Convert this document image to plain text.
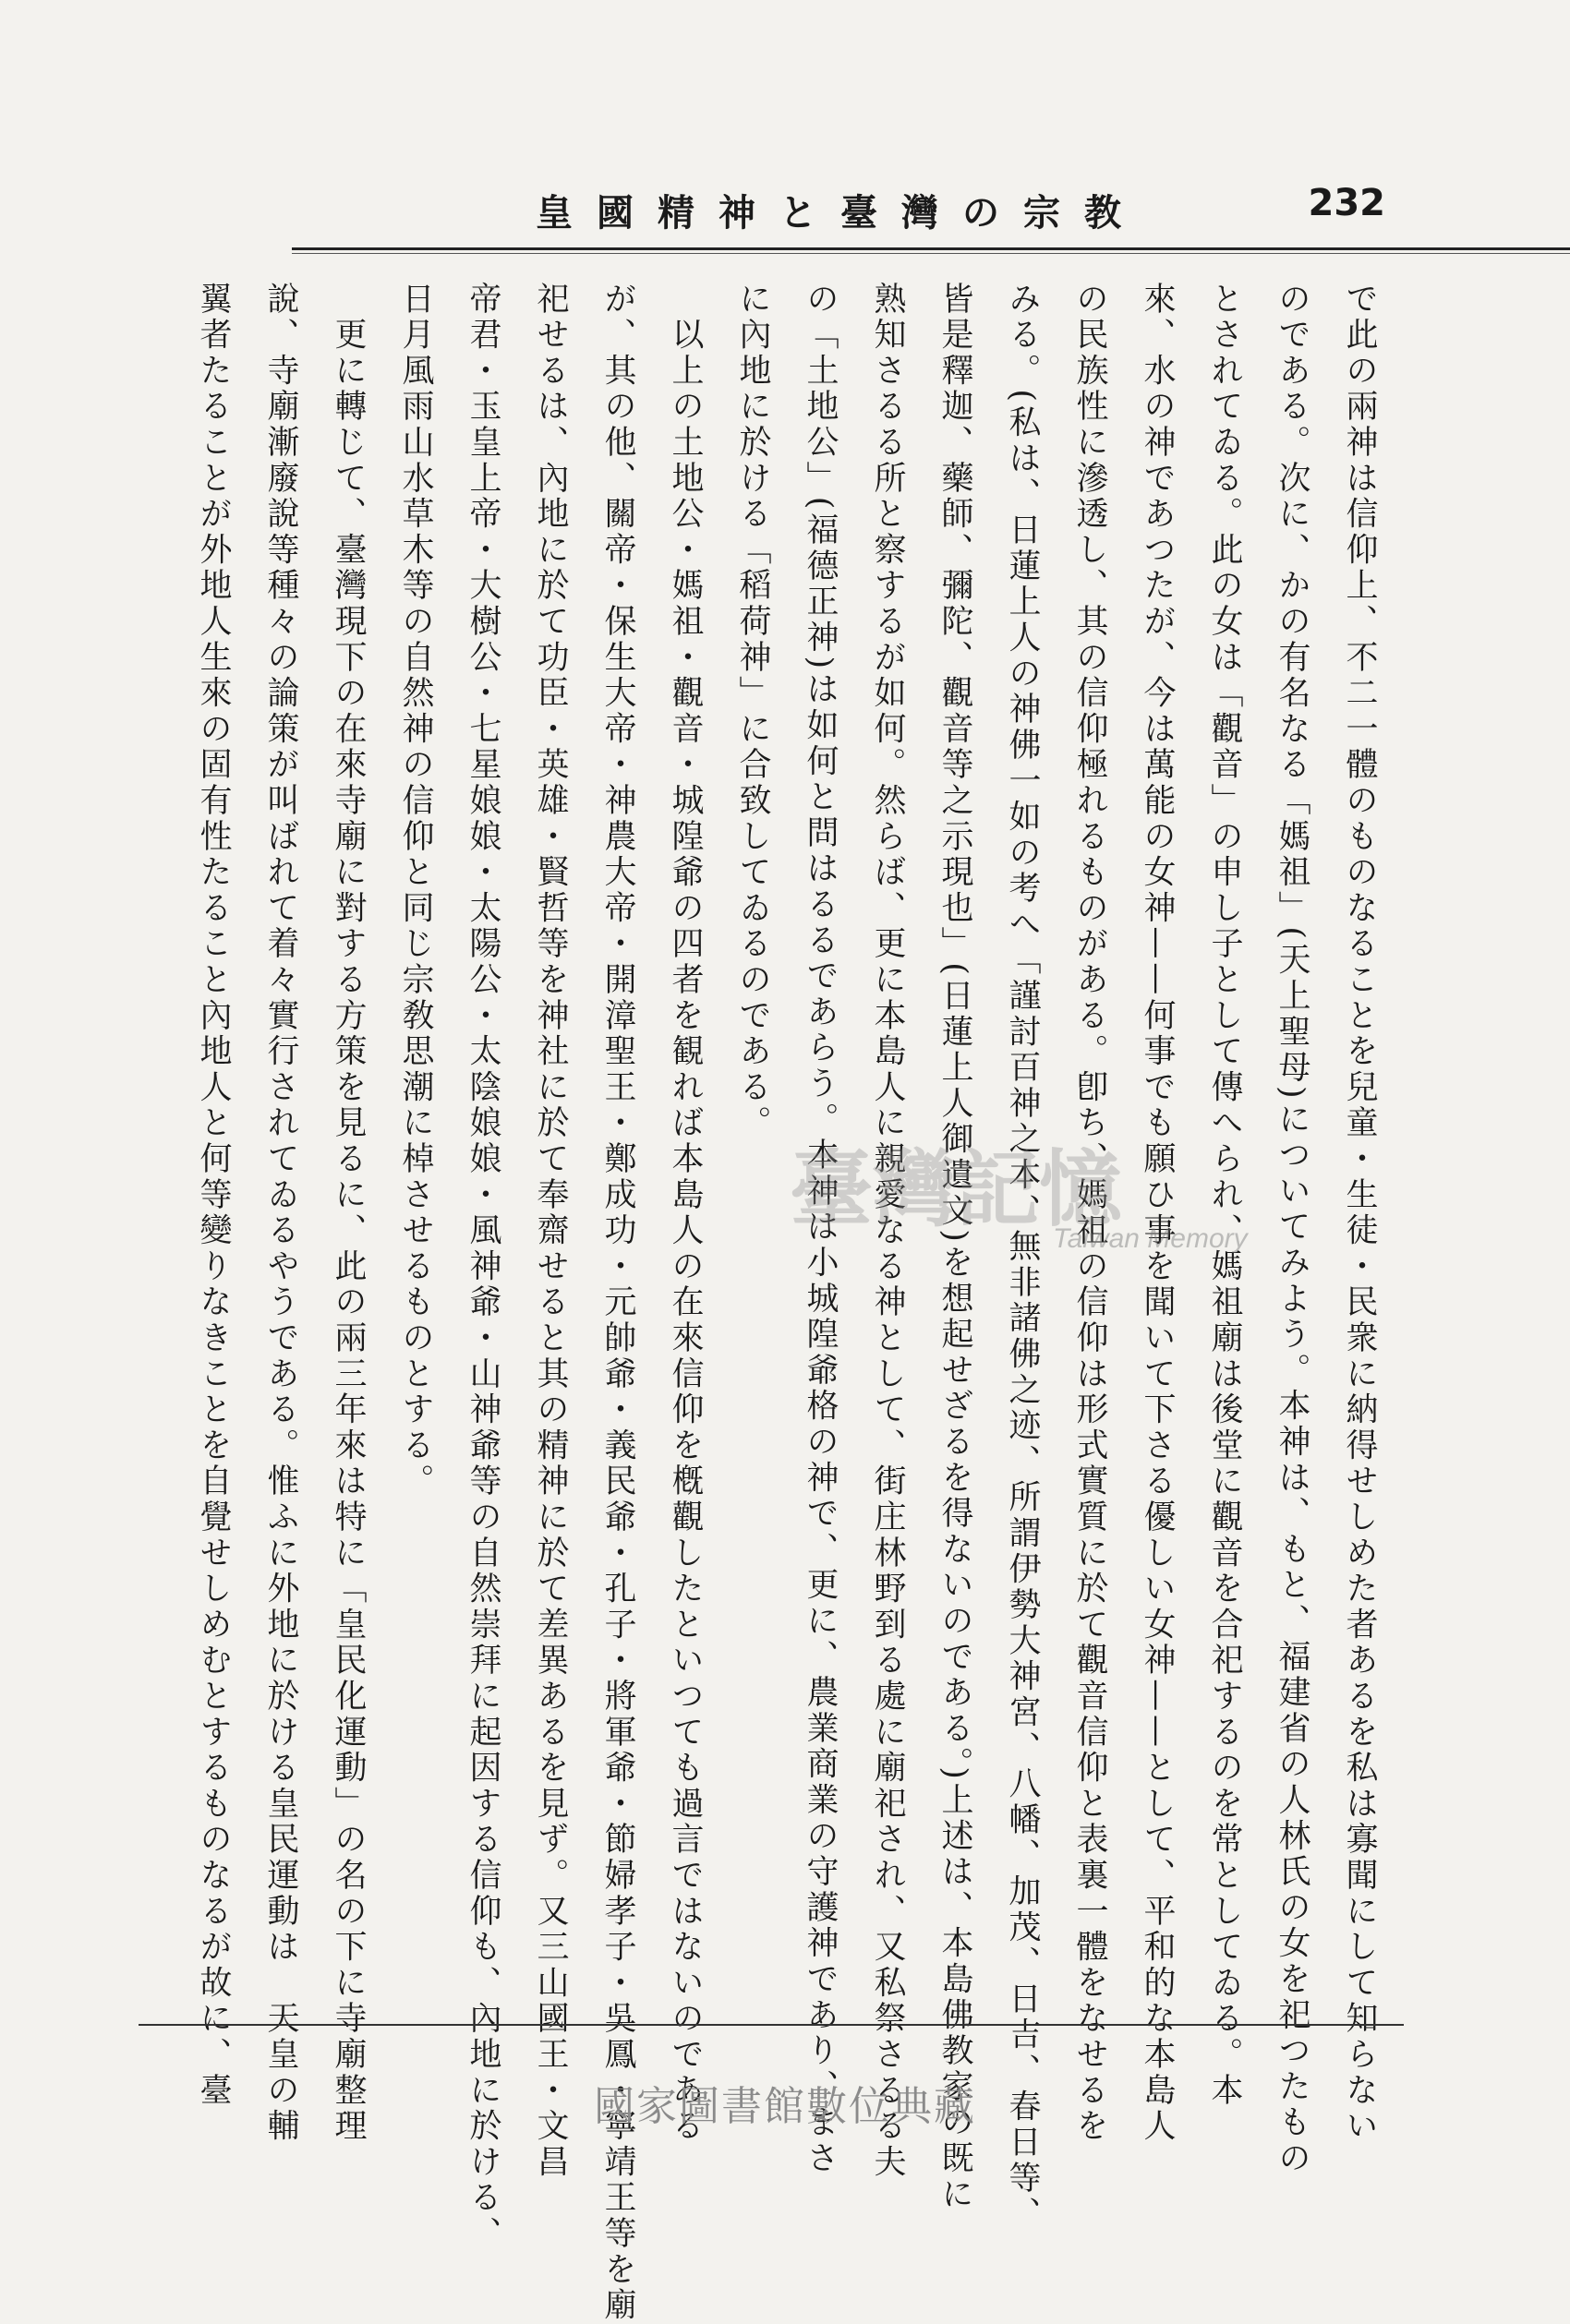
皇國精神と臺灣の宗教	232
で此の兩神は信仰上、不二一體のものなることを兒童・生徒・民衆に納得せしめた者あるを私は寡聞にして知らない
のである。次に、かの有名なる「媽祖」(天上聖母)についてみよう。本神は、もと、福建省の人林氏の女を祀つたもの
とされてゐる。此の女は「觀音」の申し子として傳へられ、媽祖廟は後堂に觀音を合祀するのを常としてゐる。本
來、水の神であつたが、今は萬能の女神——何事でも願ひ事を聞いて下さる優しい女神——として、平和的な本島人
の民族性に滲透し、其の信仰極れるものがある。卽ち、媽祖の信仰は形式實質に於て觀音信仰と表裏一體をなせるを
みる。(私は、日蓮上人の神佛一如の考へ「謹討百神之本、無非諸佛之迹、所謂伊勢大神宮、八幡、加茂、日吉、春日等、
皆是釋迦、藥師、彌陀、觀音等之示現也」(日蓮上人御遺文)を想起せざるを得ないのである。)上述は、本島佛教家の既に
熟知さるる所と察するが如何。然らば、更に本島人に親愛なる神として、街庄林野到る處に廟祀され、又私祭さるる夫
の「土地公」(福德正神)は如何と問はるるであらう。本神は小城隍爺格の神で、更に、農業商業の守護神であり、まさ
に內地に於ける「稻荷神」に合致してゐるのである。
　以上の土地公・媽祖・觀音・城隍爺の四者を観れば本島人の在來信仰を槪觀したといつても過言ではないのである
が、其の他、關帝・保生大帝・神農大帝・開漳聖王・鄭成功・元帥爺・義民爺・孔子・將軍爺・節婦孝子・吳鳳・寧靖王等を廟
祀せるは、內地に於て功臣・英雄・賢哲等を神社に於て奉齋せると其の精神に於て差異あるを見ず。又三山國王・文昌
帝君・玉皇上帝・大樹公・七星娘娘・太陽公・太陰娘娘・風神爺・山神爺等の自然崇拜に起因する信仰も、內地に於ける、
日月風雨山水草木等の自然神の信仰と同じ宗敎思潮に棹させるものとする。
　更に轉じて、臺灣現下の在來寺廟に對する方策を見るに、此の兩三年來は特に「皇民化運動」の名の下に寺廟整理
說、寺廟漸廢說等種々の論策が叫ばれて着々實行されてゐるやうである。惟ふに外地に於ける皇民運動は　天皇の輔
翼者たることが外地人生來の固有性たること內地人と何等變りなきことを自覺せしめむとするものなるが故に、臺	臺灣記憶
Taiwan Memory
國家圖書館數位典藏
